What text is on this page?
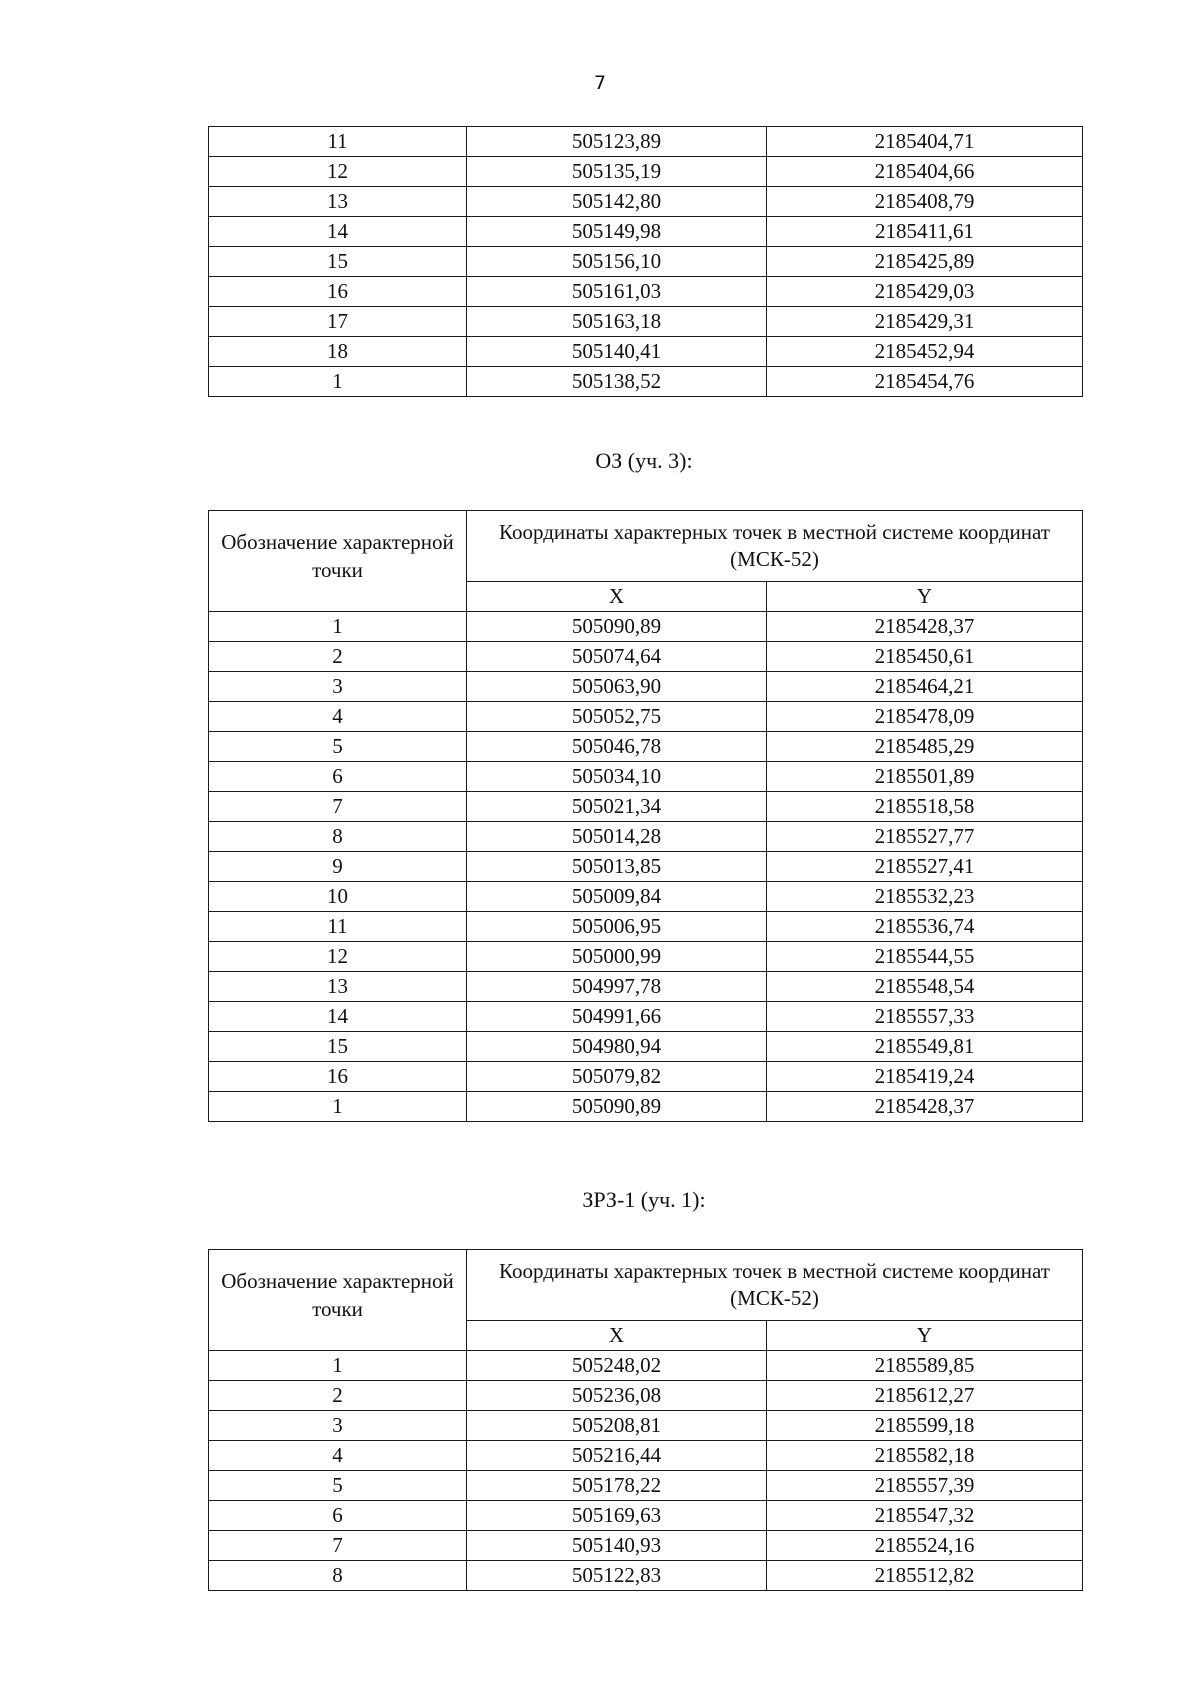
7
11	505123,89	2185404,71
12	505135,19	2185404,66
13	505142,80	2185408,79
14	505149,98	2185411,61
15	505156,10	2185425,89
16	505161,03	2185429,03
17	505163,18	2185429,31
18	505140,41	2185452,94
1	505138,52	2185454,76
ОЗ (уч. 3):
Обозначение характерной точки	Координаты характерных точек в местной системе координат (МСК-52)	
	X	Y
1	505090,89	2185428,37
2	505074,64	2185450,61
3	505063,90	2185464,21
4	505052,75	2185478,09
5	505046,78	2185485,29
6	505034,10	2185501,89
7	505021,34	2185518,58
8	505014,28	2185527,77
9	505013,85	2185527,41
10	505009,84	2185532,23
11	505006,95	2185536,74
12	505000,99	2185544,55
13	504997,78	2185548,54
14	504991,66	2185557,33
15	504980,94	2185549,81
16	505079,82	2185419,24
1	505090,89	2185428,37
ЗРЗ-1 (уч. 1):
Обозначение характерной точки	Координаты характерных точек в местной системе координат (МСК-52)	
	X	Y
1	505248,02	2185589,85
2	505236,08	2185612,27
3	505208,81	2185599,18
4	505216,44	2185582,18
5	505178,22	2185557,39
6	505169,63	2185547,32
7	505140,93	2185524,16
8	505122,83	2185512,82
